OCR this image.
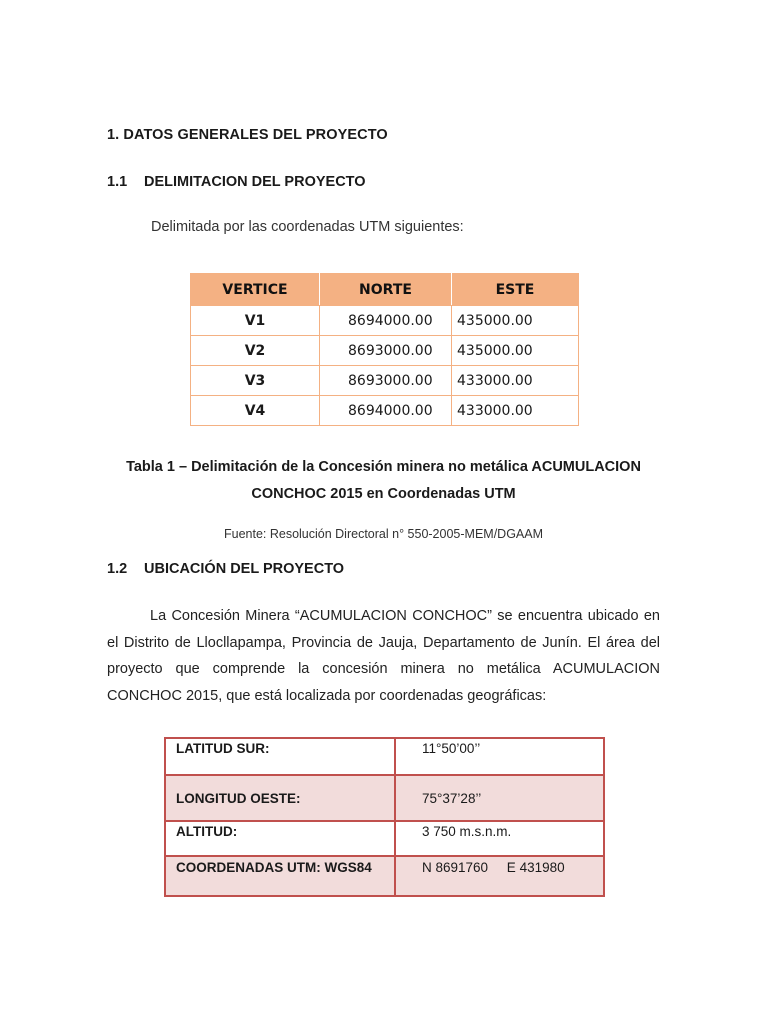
1. DATOS GENERALES DEL PROYECTO
1.1 DELIMITACION DEL PROYECTO
Delimitada por las coordenadas UTM siguientes:
VERTICE	NORTE	ESTE
V1	8694000.00	435000.00
V2	8693000.00	435000.00
V3	8693000.00	433000.00
V4	8694000.00	433000.00
Tabla 1 – Delimitación de la Concesión minera no metálica ACUMULACION
CONCHOC 2015 en Coordenadas UTM
Fuente: Resolución Directoral n° 550-2005-MEM/DGAAM
1.2 UBICACIÓN DEL PROYECTO
La Concesión Minera “ACUMULACION CONCHOC” se encuentra ubicado en el Distrito de Llocllapampa, Provincia de Jauja, Departamento de Junín. El área del proyecto que comprende la concesión minera no metálica ACUMULACION CONCHOC 2015, que está localizada por coordenadas geográficas:
LATITUD SUR:	11°50’00’’
LONGITUD OESTE:	75°37’28’’
ALTITUD:	3 750 m.s.n.m.
COORDENADAS UTM: WGS84	N 8691760     E 431980
